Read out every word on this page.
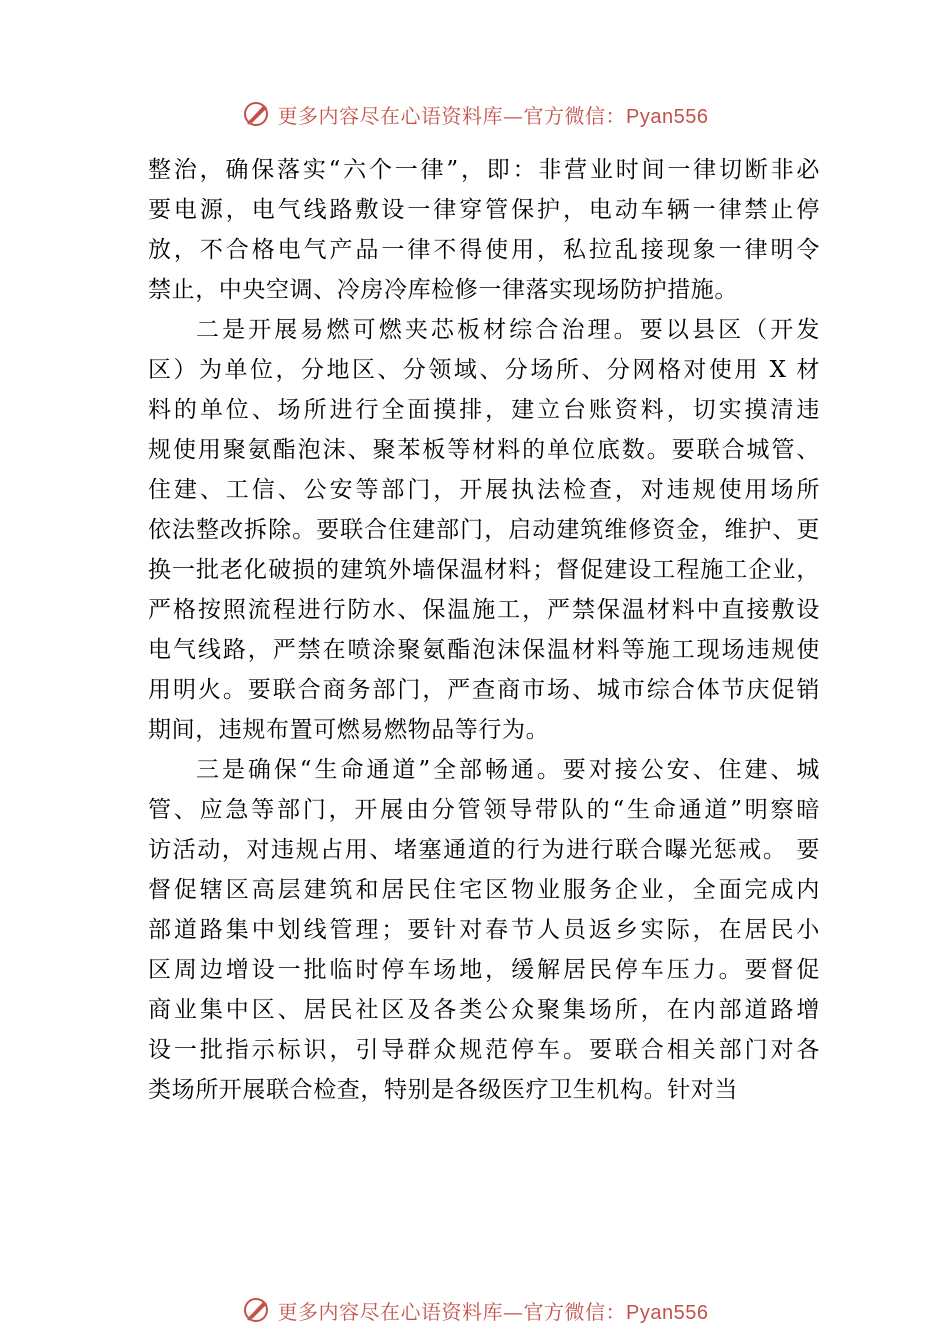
更多内容尽在心语资料库—官方微信：Pyan556
整治，确保落实“六个一律”，即：非营业时间一律切断非必
要电源，电气线路敷设一律穿管保护，电动车辆一律禁止停
放，不合格电气产品一律不得使用，私拉乱接现象一律明令
禁止，中央空调、冷房冷库检修一律落实现场防护措施。
二是开展易燃可燃夹芯板材综合治理。要以县区（开发
区）为单位，分地区、分领域、分场所、分网格对使用 X 材
料的单位、场所进行全面摸排，建立台账资料，切实摸清违
规使用聚氨酯泡沫、聚苯板等材料的单位底数。要联合城管、
住建、工信、公安等部门，开展执法检查，对违规使用场所
依法整改拆除。要联合住建部门，启动建筑维修资金，维护、更
换一批老化破损的建筑外墙保温材料；督促建设工程施工企业，
严格按照流程进行防水、保温施工，严禁保温材料中直接敷设
电气线路，严禁在喷涂聚氨酯泡沫保温材料等施工现场违规使
用明火。要联合商务部门，严查商市场、城市综合体节庆促销
期间，违规布置可燃易燃物品等行为。
三是确保“生命通道”全部畅通。要对接公安、住建、城
管、应急等部门，开展由分管领导带队的“生命通道”明察暗
访活动，对违规占用、堵塞通道的行为进行联合曝光惩戒。 要
督促辖区高层建筑和居民住宅区物业服务企业，全面完成内
部道路集中划线管理；要针对春节人员返乡实际，在居民小
区周边增设一批临时停车场地，缓解居民停车压力。要督促
商业集中区、居民社区及各类公众聚集场所，在内部道路增
设一批指示标识，引导群众规范停车。要联合相关部门对各
类场所开展联合检查，特别是各级医疗卫生机构。针对当
更多内容尽在心语资料库—官方微信：Pyan556
